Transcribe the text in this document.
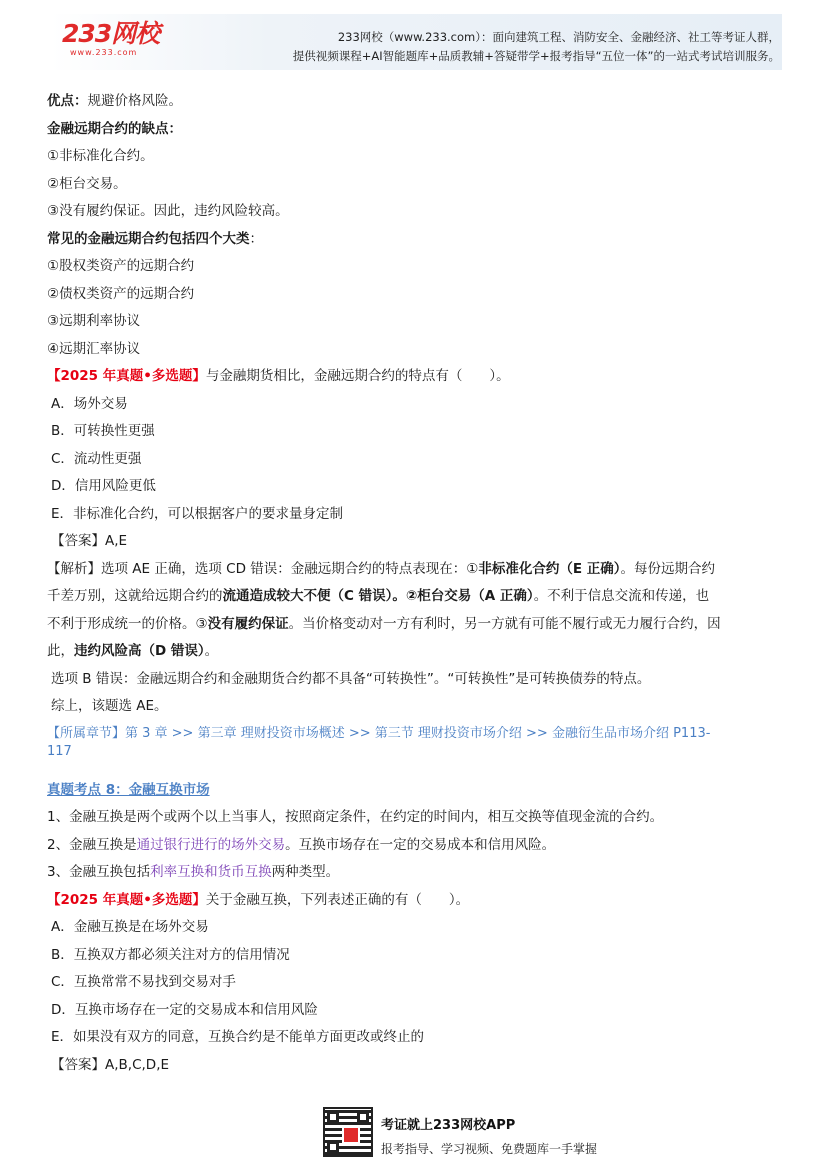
233网校
www.233.com
233网校（www.233.com）：面向建筑工程、消防安全、金融经济、社工等考证人群，
提供视频课程+AI智能题库+品质教辅+答疑带学+报考指导“五位一体”的一站式考试培训服务。
优点：规避价格风险。
金融远期合约的缺点：
①非标准化合约。
②柜台交易。
③没有履约保证。因此，违约风险较高。
常见的金融远期合约包括四个大类：
①股权类资产的远期合约
②债权类资产的远期合约
③远期利率协议
④远期汇率协议
【2025 年真题•多选题】与金融期货相比，金融远期合约的特点有（　　）。
A．场外交易
B．可转换性更强
C．流动性更强
D．信用风险更低
E．非标准化合约，可以根据客户的要求量身定制
【答案】A,E

【解析】选项 AE 正确，选项 CD 错误：金融远期合约的特点表现在：①非标准化合约（E 正确）。每份远期合约

千差万别，这就给远期合约的流通造成较大不便（C 错误）。②柜台交易（A 正确）。不利于信息交流和传递，也

不利于形成统一的价格。③没有履约保证。当价格变动对一方有利时，另一方就有可能不履行或无力履行合约，因

此，违约风险高（D 错误）。

选项 B 错误：金融远期合约和金融期货合约都不具备“可转换性”。“可转换性”是可转换债券的特点。

综上，该题选 AE。

【所属章节】第 3 章 >> 第三章 理财投资市场概述 >> 第三节 理财投资市场介绍 >> 金融衍生品市场介绍 P113-
117
真题考点 8：金融互换市场
1、金融互换是两个或两个以上当事人，按照商定条件，在约定的时间内，相互交换等值现金流的合约。
2、金融互换是通过银行进行的场外交易。互换市场存在一定的交易成本和信用风险。
3、金融互换包括利率互换和货币互换两种类型。
【2025 年真题•多选题】关于金融互换，下列表述正确的有（　　）。
A．金融互换是在场外交易
B．互换双方都必须关注对方的信用情况
C．互换常常不易找到交易对手
D．互换市场存在一定的交易成本和信用风险
E．如果没有双方的同意，互换合约是不能单方面更改或终止的
【答案】A,B,C,D,E
考证就上233网校APP
报考指导、学习视频、免费题库一手掌握
